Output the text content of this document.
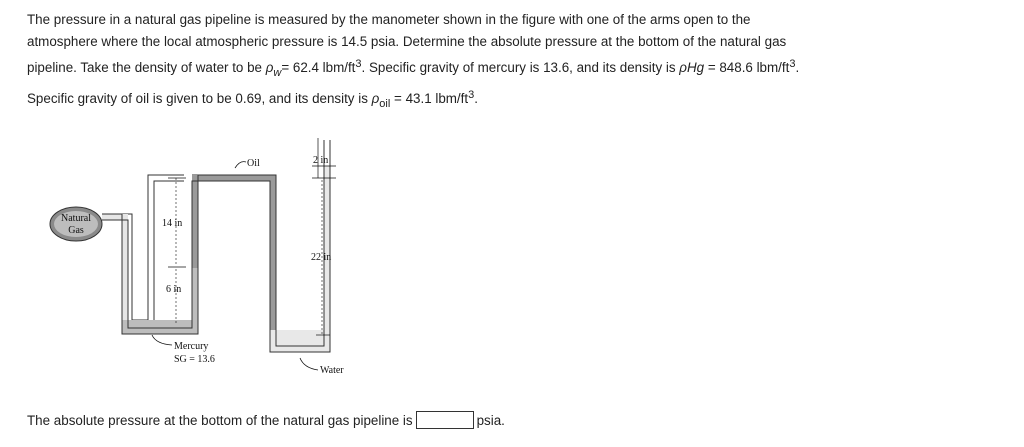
The pressure in a natural gas pipeline is measured by the manometer shown in the figure with one of the arms open to the

atmosphere where the local atmospheric pressure is 14.5 psia. Determine the absolute pressure at the bottom of the natural gas

pipeline. Take the density of water to be $\rho_w= 62.4$ lbm/$ft^3$. Specific gravity of mercury is 13.6, and its density is ρHg = 848.6 lbm/$ft^3$.

Specific gravity of oil is given to be 0.69, and its density is $\rho_{oil} = 43.1$ lbm/$ft^3$.

Natural
Gas
Oil	2 in
22 in
14 in
6 in
Mercury
SG = 13.6
Water
The absolute pressure at the bottom of the natural gas pipeline is	psia.
